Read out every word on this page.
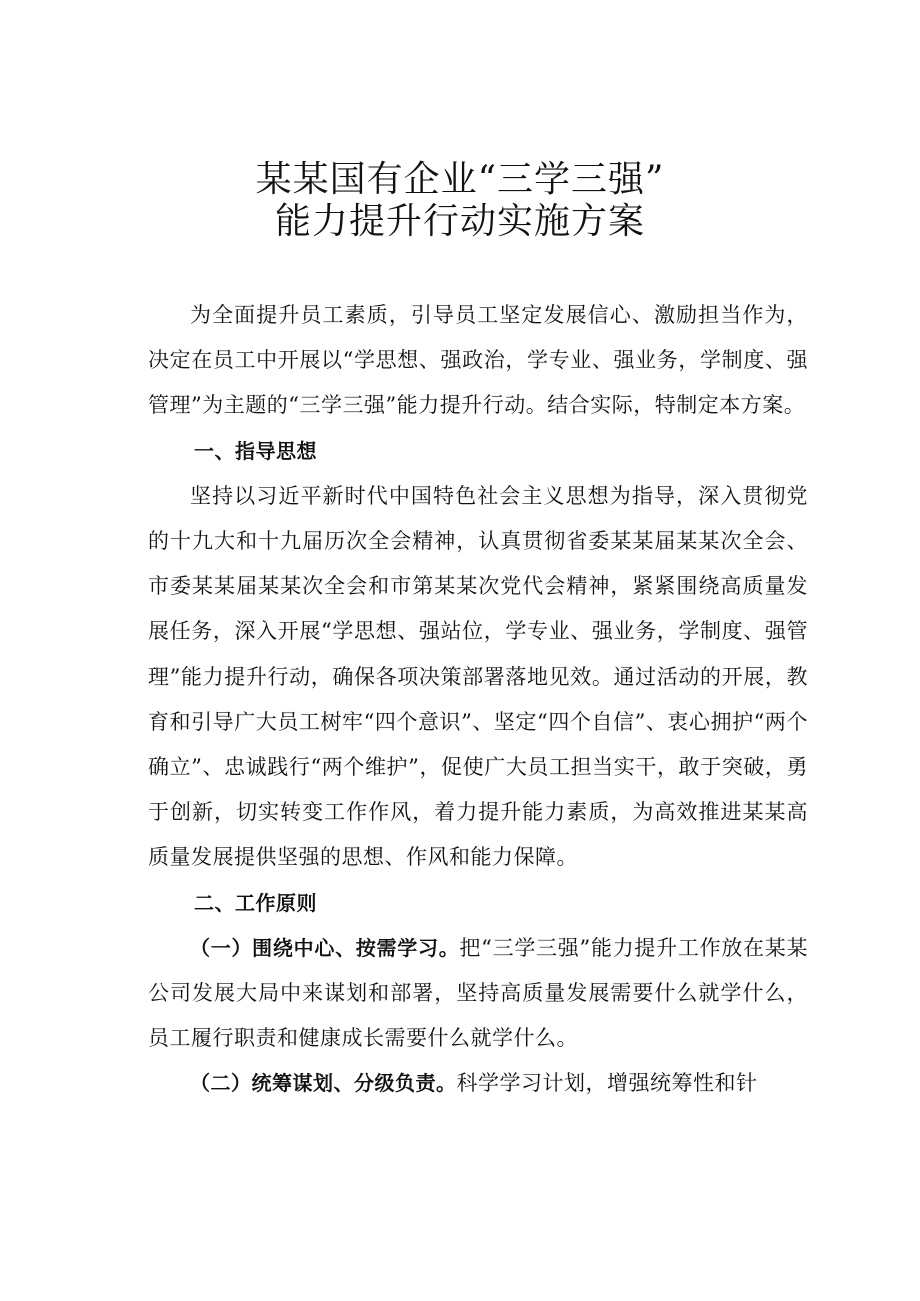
某某国有企业“三学三强”
能力提升行动实施方案

为全面提升员工素质，引导员工坚定发展信心、激励担当作为，决定在员工中开展以“学思想、强政治，学专业、强业务，学制度、强管理”为主题的“三学三强”能力提升行动。结合实际，特制定本方案。

一、指导思想

坚持以习近平新时代中国特色社会主义思想为指导，深入贯彻党的十九大和十九届历次全会精神，认真贯彻省委某某届某某次全会、市委某某届某某次全会和市第某某次党代会精神，紧紧围绕高质量发展任务，深入开展“学思想、强站位，学专业、强业务，学制度、强管理”能力提升行动，确保各项决策部署落地见效。通过活动的开展，教育和引导广大员工树牢“四个意识”、坚定“四个自信”、衷心拥护“两个确立”、忠诚践行“两个维护”，促使广大员工担当实干，敢于突破，勇于创新，切实转变工作作风，着力提升能力素质，为高效推进某某高质量发展提供坚强的思想、作风和能力保障。

二、工作原则

（一）围绕中心、按需学习。把“三学三强”能力提升工作放在某某公司发展大局中来谋划和部署，坚持高质量发展需要什么就学什么，员工履行职责和健康成长需要什么就学什么。

（二）统筹谋划、分级负责。科学学习计划，增强统筹性和针
